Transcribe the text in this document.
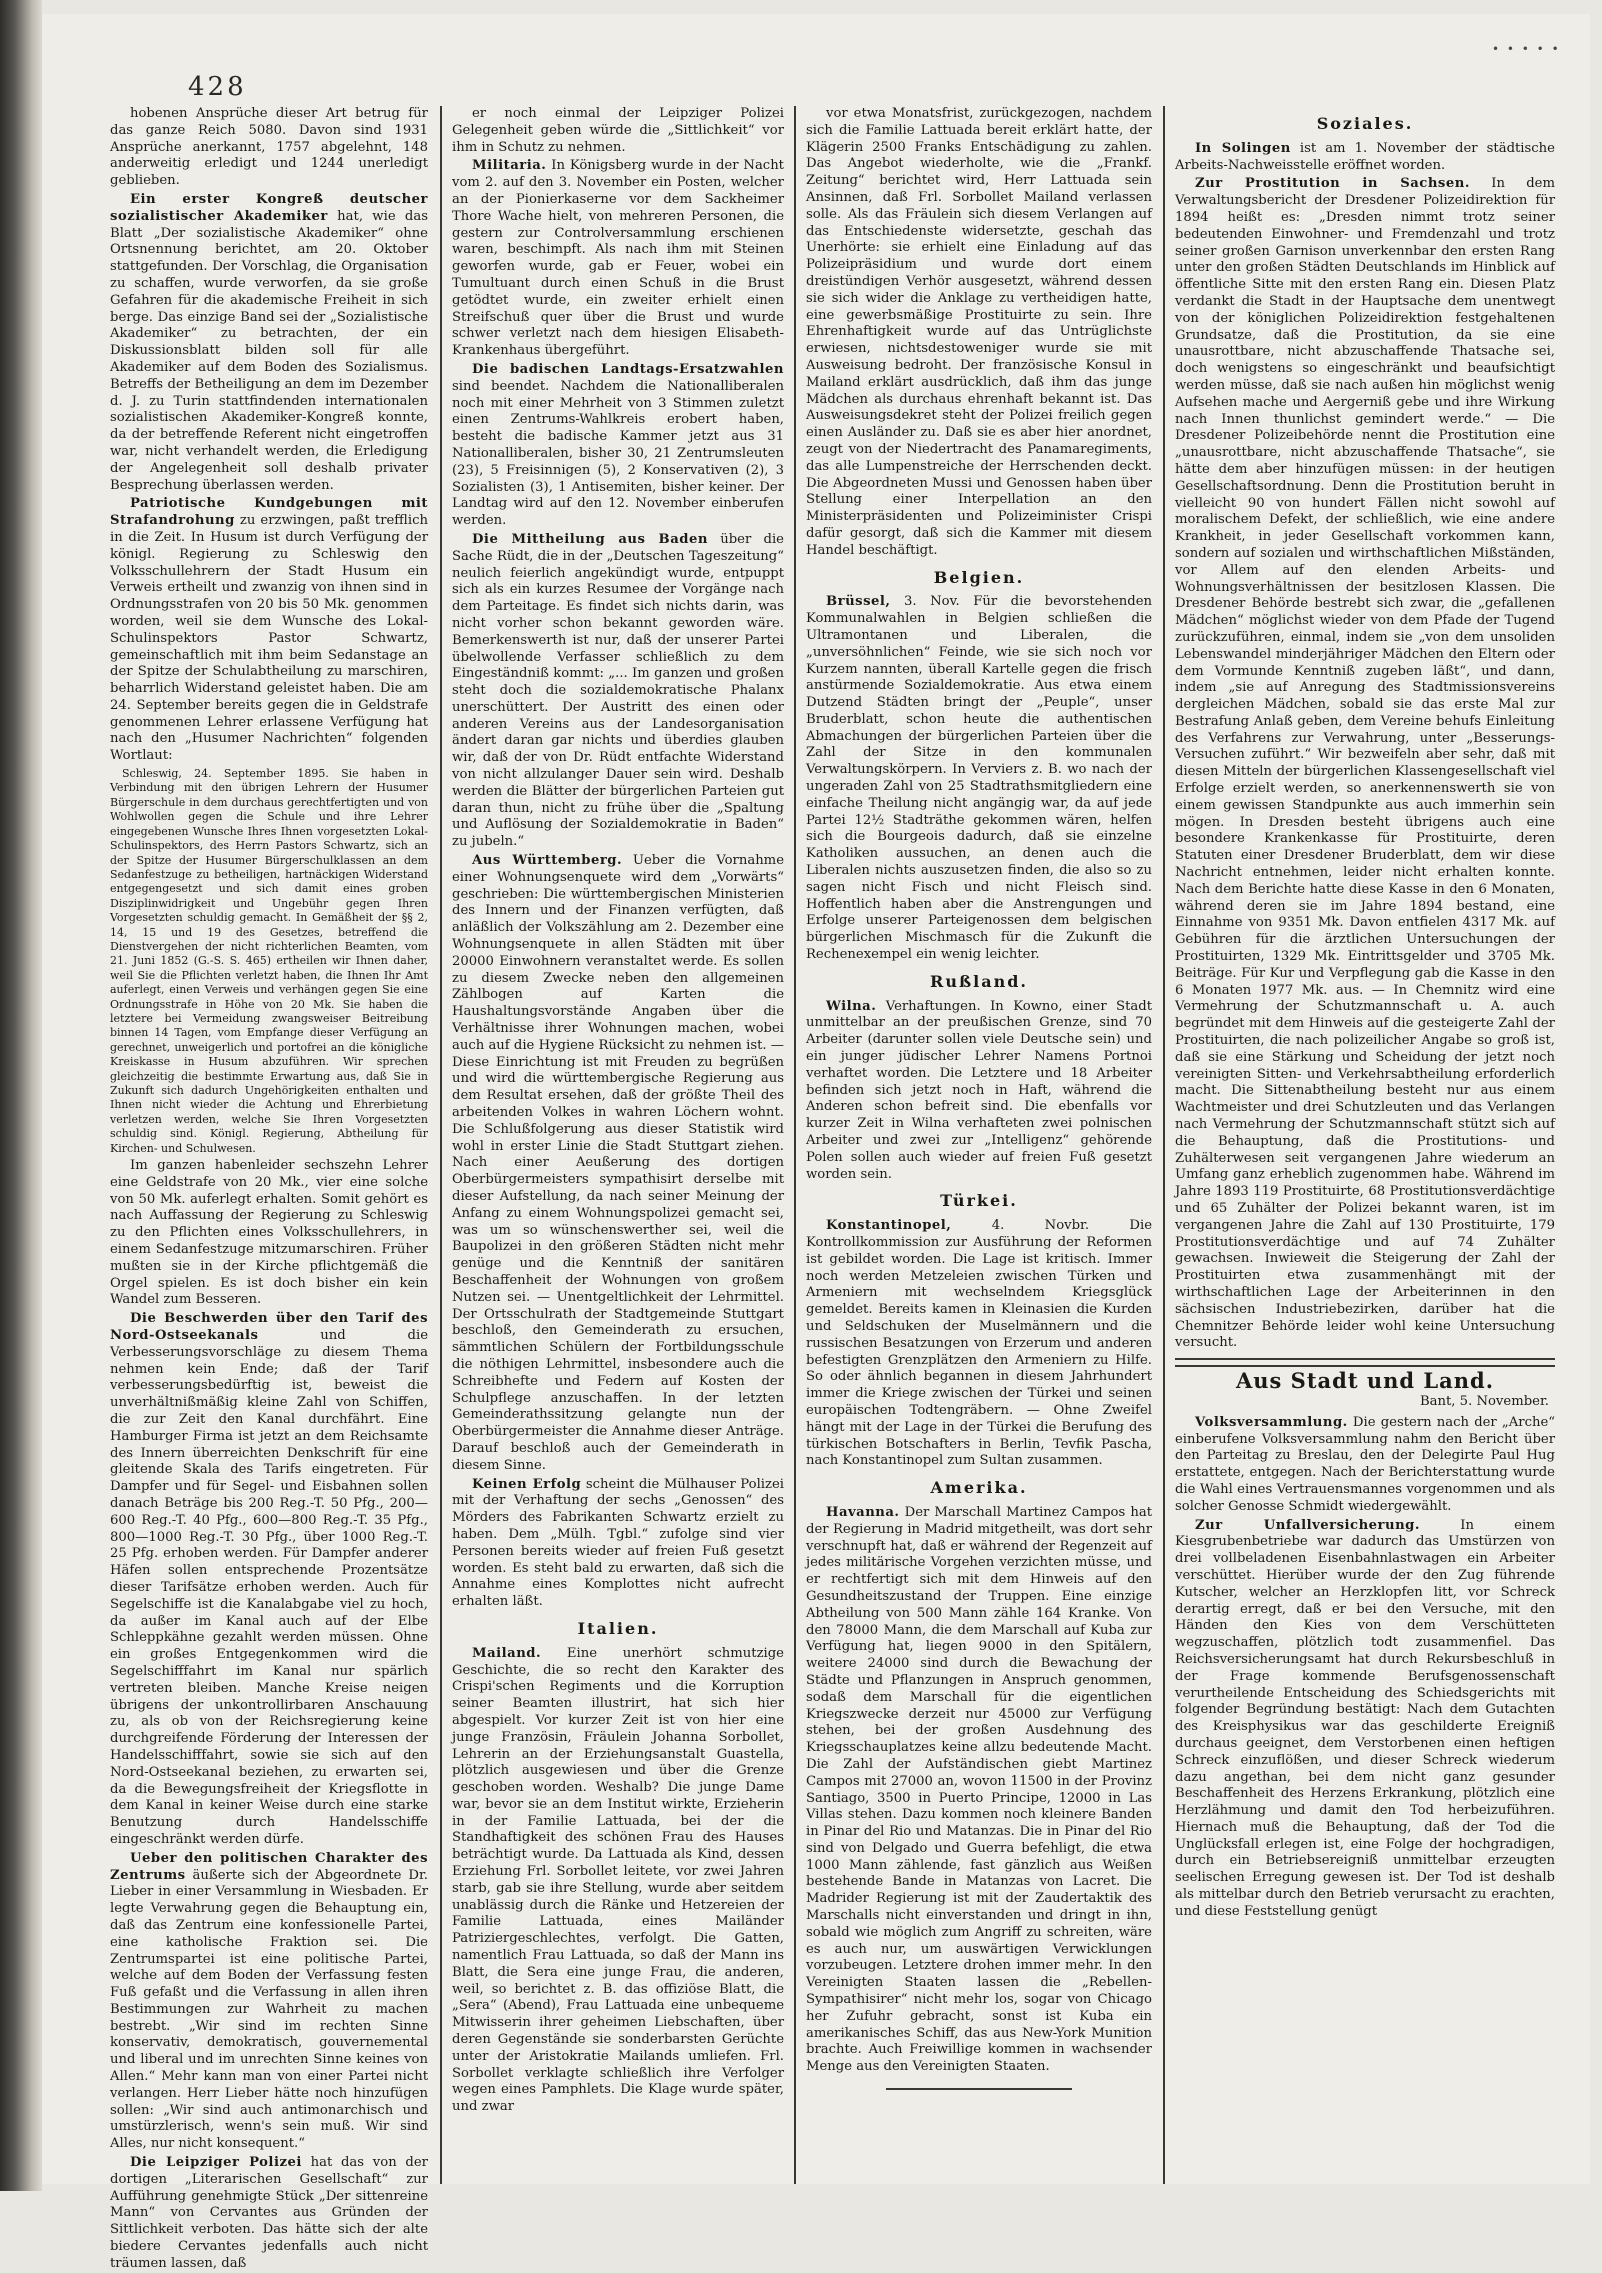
428
• • • • •

hobenen Ansprüche dieser Art betrug für das ganze Reich 5080. Davon sind 1931 Ansprüche anerkannt, 1757 abgelehnt, 148 anderweitig erledigt und 1244 unerledigt geblieben.

Ein erster Kongreß deutscher sozialistischer Akademiker hat, wie das Blatt „Der sozialistische Akademiker“ ohne Ortsnennung berichtet, am 20. Oktober stattgefunden. Der Vorschlag, die Organisation zu schaffen, wurde verworfen, da sie große Gefahren für die akademische Freiheit in sich berge. Das einzige Band sei der „Sozialistische Akademiker“ zu betrachten, der ein Diskussionsblatt bilden soll für alle Akademiker auf dem Boden des Sozialismus. Betreffs der Betheiligung an dem im Dezember d. J. zu Turin stattfindenden internationalen sozialistischen Akademiker-Kongreß konnte, da der betreffende Referent nicht eingetroffen war, nicht verhandelt werden, die Erledigung der Angelegenheit soll deshalb privater Besprechung überlassen werden.

Patriotische Kundgebungen mit Strafandrohung zu erzwingen, paßt trefflich in die Zeit. In Husum ist durch Verfügung der königl. Regierung zu Schleswig den Volksschullehrern der Stadt Husum ein Verweis ertheilt und zwanzig von ihnen sind in Ordnungsstrafen von 20 bis 50 Mk. genommen worden, weil sie dem Wunsche des Lokal-Schulinspektors Pastor Schwartz, gemeinschaftlich mit ihm beim Sedanstage an der Spitze der Schulabtheilung zu marschiren, beharrlich Widerstand geleistet haben. Die am 24. September bereits gegen die in Geldstrafe genommenen Lehrer erlassene Verfügung hat nach den „Husumer Nachrichten“ folgenden Wortlaut:

Schleswig, 24. September 1895. Sie haben in Verbindung mit den übrigen Lehrern der Husumer Bürgerschule in dem durchaus gerechtfertigten und von Wohlwollen gegen die Schule und ihre Lehrer eingegebenen Wunsche Ihres Ihnen vorgesetzten Lokal-Schulinspektors, des Herrn Pastors Schwartz, sich an der Spitze der Husumer Bürgerschulklassen an dem Sedanfestzuge zu betheiligen, hartnäckigen Widerstand entgegengesetzt und sich damit eines groben Disziplinwidrigkeit und Ungebühr gegen Ihren Vorgesetzten schuldig gemacht. In Gemäßheit der §§ 2, 14, 15 und 19 des Gesetzes, betreffend die Dienstvergehen der nicht richterlichen Beamten, vom 21. Juni 1852 (G.-S. S. 465) ertheilen wir Ihnen daher, weil Sie die Pflichten verletzt haben, die Ihnen Ihr Amt auferlegt, einen Verweis und verhängen gegen Sie eine Ordnungsstrafe in Höhe von 20 Mk. Sie haben die letztere bei Vermeidung zwangsweiser Beitreibung binnen 14 Tagen, vom Empfange dieser Verfügung an gerechnet, unweigerlich und portofrei an die königliche Kreiskasse in Husum abzuführen. Wir sprechen gleichzeitig die bestimmte Erwartung aus, daß Sie in Zukunft sich dadurch Ungehörigkeiten enthalten und Ihnen nicht wieder die Achtung und Ehrerbietung verletzen werden, welche Sie Ihren Vorgesetzten schuldig sind. Königl. Regierung, Abtheilung für Kirchen- und Schulwesen.

Im ganzen habenleider sechszehn Lehrer eine Geldstrafe von 20 Mk., vier eine solche von 50 Mk. auferlegt erhalten. Somit gehört es nach Auffassung der Regierung zu Schleswig zu den Pflichten eines Volksschullehrers, in einem Sedanfestzuge mitzumarschiren. Früher mußten sie in der Kirche pflichtgemäß die Orgel spielen. Es ist doch bisher ein kein Wandel zum Besseren.

Die Beschwerden über den Tarif des Nord-Ostseekanals und die Verbesserungsvorschläge zu diesem Thema nehmen kein Ende; daß der Tarif verbesserungsbedürftig ist, beweist die unverhältnißmäßig kleine Zahl von Schiffen, die zur Zeit den Kanal durchfährt. Eine Hamburger Firma ist jetzt an dem Reichsamte des Innern überreichten Denkschrift für eine gleitende Skala des Tarifs eingetreten. Für Dampfer und für Segel- und Eisbahnen sollen danach Beträge bis 200 Reg.-T. 50 Pfg., 200—600 Reg.-T. 40 Pfg., 600—800 Reg.-T. 35 Pfg., 800—1000 Reg.-T. 30 Pfg., über 1000 Reg.-T. 25 Pfg. erhoben werden. Für Dampfer anderer Häfen sollen entsprechende Prozentsätze dieser Tarifsätze erhoben werden. Auch für Segelschiffe ist die Kanalabgabe viel zu hoch, da außer im Kanal auch auf der Elbe Schleppkähne gezahlt werden müssen. Ohne ein großes Entgegenkommen wird die Segelschifffahrt im Kanal nur spärlich vertreten bleiben. Manche Kreise neigen übrigens der unkontrollirbaren Anschauung zu, als ob von der Reichsregierung keine durchgreifende Förderung der Interessen der Handelsschifffahrt, sowie sie sich auf den Nord-Ostseekanal beziehen, zu erwarten sei, da die Bewegungsfreiheit der Kriegsflotte in dem Kanal in keiner Weise durch eine starke Benutzung durch Handelsschiffe eingeschränkt werden dürfe.

Ueber den politischen Charakter des Zentrums äußerte sich der Abgeordnete Dr. Lieber in einer Versammlung in Wiesbaden. Er legte Verwahrung gegen die Behauptung ein, daß das Zentrum eine konfessionelle Partei, eine katholische Fraktion sei. Die Zentrumspartei ist eine politische Partei, welche auf dem Boden der Verfassung festen Fuß gefaßt und die Verfassung in allen ihren Bestimmungen zur Wahrheit zu machen bestrebt. „Wir sind im rechten Sinne konservativ, demokratisch, gouvernemental und liberal und im unrechten Sinne keines von Allen.“ Mehr kann man von einer Partei nicht verlangen. Herr Lieber hätte noch hinzufügen sollen: „Wir sind auch antimonarchisch und umstürzlerisch, wenn's sein muß. Wir sind Alles, nur nicht konsequent.“

Die Leipziger Polizei hat das von der dortigen „Literarischen Gesellschaft“ zur Aufführung genehmigte Stück „Der sittenreine Mann“ von Cervantes aus Gründen der Sittlichkeit verboten. Das hätte sich der alte biedere Cervantes jedenfalls auch nicht träumen lassen, daß

er noch einmal der Leipziger Polizei Gelegenheit geben würde die „Sittlichkeit“ vor ihm in Schutz zu nehmen.

Militaria. In Königsberg wurde in der Nacht vom 2. auf den 3. November ein Posten, welcher an der Pionierkaserne vor dem Sackheimer Thore Wache hielt, von mehreren Personen, die gestern zur Controlversammlung erschienen waren, beschimpft. Als nach ihm mit Steinen geworfen wurde, gab er Feuer, wobei ein Tumultuant durch einen Schuß in die Brust getödtet wurde, ein zweiter erhielt einen Streifschuß quer über die Brust und wurde schwer verletzt nach dem hiesigen Elisabeth-Krankenhaus übergeführt.

Die badischen Landtags-Ersatzwahlen sind beendet. Nachdem die Nationalliberalen noch mit einer Mehrheit von 3 Stimmen zuletzt einen Zentrums-Wahlkreis erobert haben, besteht die badische Kammer jetzt aus 31 Nationalliberalen, bisher 30, 21 Zentrumsleuten (23), 5 Freisinnigen (5), 2 Konservativen (2), 3 Sozialisten (3), 1 Antisemiten, bisher keiner. Der Landtag wird auf den 12. November einberufen werden.

Die Mittheilung aus Baden über die Sache Rüdt, die in der „Deutschen Tageszeitung“ neulich feierlich angekündigt wurde, entpuppt sich als ein kurzes Resumee der Vorgänge nach dem Parteitage. Es findet sich nichts darin, was nicht vorher schon bekannt geworden wäre. Bemerkenswerth ist nur, daß der unserer Partei übelwollende Verfasser schließlich zu dem Eingeständniß kommt: „... Im ganzen und großen steht doch die sozialdemokratische Phalanx unerschüttert. Der Austritt des einen oder anderen Vereins aus der Landesorganisation ändert daran gar nichts und überdies glauben wir, daß der von Dr. Rüdt entfachte Widerstand von nicht allzulanger Dauer sein wird. Deshalb werden die Blätter der bürgerlichen Parteien gut daran thun, nicht zu frühe über die „Spaltung und Auflösung der Sozialdemokratie in Baden“ zu jubeln.“

Aus Württemberg. Ueber die Vornahme einer Wohnungsenquete wird dem „Vorwärts“ geschrieben: Die württembergischen Ministerien des Innern und der Finanzen verfügten, daß anläßlich der Volkszählung am 2. Dezember eine Wohnungsenquete in allen Städten mit über 20000 Einwohnern veranstaltet werde. Es sollen zu diesem Zwecke neben den allgemeinen Zählbogen auf Karten die Haushaltungsvorstände Angaben über die Verhältnisse ihrer Wohnungen machen, wobei auch auf die Hygiene Rücksicht zu nehmen ist. — Diese Einrichtung ist mit Freuden zu begrüßen und wird die württembergische Regierung aus dem Resultat ersehen, daß der größte Theil des arbeitenden Volkes in wahren Löchern wohnt. Die Schlußfolgerung aus dieser Statistik wird wohl in erster Linie die Stadt Stuttgart ziehen. Nach einer Aeußerung des dortigen Oberbürgermeisters sympathisirt derselbe mit dieser Aufstellung, da nach seiner Meinung der Anfang zu einem Wohnungspolizei gemacht sei, was um so wünschenswerther sei, weil die Baupolizei in den größeren Städten nicht mehr genüge und die Kenntniß der sanitären Beschaffenheit der Wohnungen von großem Nutzen sei. — Unentgeltlichkeit der Lehrmittel. Der Ortsschulrath der Stadtgemeinde Stuttgart beschloß, den Gemeinderath zu ersuchen, sämmtlichen Schülern der Fortbildungsschule die nöthigen Lehrmittel, insbesondere auch die Schreibhefte und Federn auf Kosten der Schulpflege anzuschaffen. In der letzten Gemeinderathssitzung gelangte nun der Oberbürgermeister die Annahme dieser Anträge. Darauf beschloß auch der Gemeinderath in diesem Sinne.

Keinen Erfolg scheint die Mülhauser Polizei mit der Verhaftung der sechs „Genossen“ des Mörders des Fabrikanten Schwartz erzielt zu haben. Dem „Mülh. Tgbl.“ zufolge sind vier Personen bereits wieder auf freien Fuß gesetzt worden. Es steht bald zu erwarten, daß sich die Annahme eines Komplottes nicht aufrecht erhalten läßt.

Italien.

Mailand. Eine unerhört schmutzige Geschichte, die so recht den Karakter des Crispi'schen Regiments und die Korruption seiner Beamten illustrirt, hat sich hier abgespielt. Vor kurzer Zeit ist von hier eine junge Französin, Fräulein Johanna Sorbollet, Lehrerin an der Erziehungsanstalt Guastella, plötzlich ausgewiesen und über die Grenze geschoben worden. Weshalb? Die junge Dame war, bevor sie an dem Institut wirkte, Erzieherin in der Familie Lattuada, bei der die Standhaftigkeit des schönen Frau des Hauses beträchtigt wurde. Da Lattuada als Kind, dessen Erziehung Frl. Sorbollet leitete, vor zwei Jahren starb, gab sie ihre Stellung, wurde aber seitdem unablässig durch die Ränke und Hetzereien der Familie Lattuada, eines Mailänder Patriziergeschlechtes, verfolgt. Die Gatten, namentlich Frau Lattuada, so daß der Mann ins Blatt, die Sera eine junge Frau, die anderen, weil, so berichtet z. B. das offiziöse Blatt, die „Sera“ (Abend), Frau Lattuada eine unbequeme Mitwisserin ihrer geheimen Liebschaften, über deren Gegenstände sie sonderbarsten Gerüchte unter der Aristokratie Mailands umliefen. Frl. Sorbollet verklagte schließlich ihre Verfolger wegen eines Pamphlets. Die Klage wurde später, und zwar

vor etwa Monatsfrist, zurückgezogen, nachdem sich die Familie Lattuada bereit erklärt hatte, der Klägerin 2500 Franks Entschädigung zu zahlen. Das Angebot wiederholte, wie die „Frankf. Zeitung“ berichtet wird, Herr Lattuada sein Ansinnen, daß Frl. Sorbollet Mailand verlassen solle. Als das Fräulein sich diesem Verlangen auf das Entschiedenste widersetzte, geschah das Unerhörte: sie erhielt eine Einladung auf das Polizeipräsidium und wurde dort einem dreistündigen Verhör ausgesetzt, während dessen sie sich wider die Anklage zu vertheidigen hatte, eine gewerbsmäßige Prostituirte zu sein. Ihre Ehrenhaftigkeit wurde auf das Untrüglichste erwiesen, nichtsdestoweniger wurde sie mit Ausweisung bedroht. Der französische Konsul in Mailand erklärt ausdrücklich, daß ihm das junge Mädchen als durchaus ehrenhaft bekannt ist. Das Ausweisungsdekret steht der Polizei freilich gegen einen Ausländer zu. Daß sie es aber hier anordnet, zeugt von der Niedertracht des Panamaregiments, das alle Lumpenstreiche der Herrschenden deckt. Die Abgeordneten Mussi und Genossen haben über Stellung einer Interpellation an den Ministerpräsidenten und Polizeiminister Crispi dafür gesorgt, daß sich die Kammer mit diesem Handel beschäftigt.

Belgien.

Brüssel, 3. Nov. Für die bevorstehenden Kommunalwahlen in Belgien schließen die Ultramontanen und Liberalen, die „unversöhnlichen“ Feinde, wie sie sich noch vor Kurzem nannten, überall Kartelle gegen die frisch anstürmende Sozialdemokratie. Aus etwa einem Dutzend Städten bringt der „Peuple“, unser Bruderblatt, schon heute die authentischen Abmachungen der bürgerlichen Parteien über die Zahl der Sitze in den kommunalen Verwaltungskörpern. In Verviers z. B. wo nach der ungeraden Zahl von 25 Stadtrathsmitgliedern eine einfache Theilung nicht angängig war, da auf jede Partei 12½ Stadträthe gekommen wären, helfen sich die Bourgeois dadurch, daß sie einzelne Katholiken aussuchen, an denen auch die Liberalen nichts auszusetzen finden, die also so zu sagen nicht Fisch und nicht Fleisch sind. Hoffentlich haben aber die Anstrengungen und Erfolge unserer Parteigenossen dem belgischen bürgerlichen Mischmasch für die Zukunft die Rechenexempel ein wenig leichter.

Rußland.

Wilna. Verhaftungen. In Kowno, einer Stadt unmittelbar an der preußischen Grenze, sind 70 Arbeiter (darunter sollen viele Deutsche sein) und ein junger jüdischer Lehrer Namens Portnoi verhaftet worden. Die Letztere und 18 Arbeiter befinden sich jetzt noch in Haft, während die Anderen schon befreit sind. Die ebenfalls vor kurzer Zeit in Wilna verhafteten zwei polnischen Arbeiter und zwei zur „Intelligenz“ gehörende Polen sollen auch wieder auf freien Fuß gesetzt worden sein.

Türkei.

Konstantinopel, 4. Novbr. Die Kontrollkommission zur Ausführung der Reformen ist gebildet worden. Die Lage ist kritisch. Immer noch werden Metzeleien zwischen Türken und Armeniern mit wechselndem Kriegsglück gemeldet. Bereits kamen in Kleinasien die Kurden und Seldschuken der Muselmännern und die russischen Besatzungen von Erzerum und anderen befestigten Grenzplätzen den Armeniern zu Hilfe. So oder ähnlich begannen in diesem Jahrhundert immer die Kriege zwischen der Türkei und seinen europäischen Todtengräbern. — Ohne Zweifel hängt mit der Lage in der Türkei die Berufung des türkischen Botschafters in Berlin, Tevfik Pascha, nach Konstantinopel zum Sultan zusammen.

Amerika.

Havanna. Der Marschall Martinez Campos hat der Regierung in Madrid mitgetheilt, was dort sehr verschnupft hat, daß er während der Regenzeit auf jedes militärische Vorgehen verzichten müsse, und er rechtfertigt sich mit dem Hinweis auf den Gesundheitszustand der Truppen. Eine einzige Abtheilung von 500 Mann zähle 164 Kranke. Von den 78000 Mann, die dem Marschall auf Kuba zur Verfügung hat, liegen 9000 in den Spitälern, weitere 24000 sind durch die Bewachung der Städte und Pflanzungen in Anspruch genommen, sodaß dem Marschall für die eigentlichen Kriegszwecke derzeit nur 45000 zur Verfügung stehen, bei der großen Ausdehnung des Kriegsschauplatzes keine allzu bedeutende Macht. Die Zahl der Aufständischen giebt Martinez Campos mit 27000 an, wovon 11500 in der Provinz Santiago, 3500 in Puerto Principe, 12000 in Las Villas stehen. Dazu kommen noch kleinere Banden in Pinar del Rio und Matanzas. Die in Pinar del Rio sind von Delgado und Guerra befehligt, die etwa 1000 Mann zählende, fast gänzlich aus Weißen bestehende Bande in Matanzas von Lacret. Die Madrider Regierung ist mit der Zaudertaktik des Marschalls nicht einverstanden und dringt in ihn, sobald wie möglich zum Angriff zu schreiten, wäre es auch nur, um auswärtigen Verwicklungen vorzubeugen. Letztere drohen immer mehr. In den Vereinigten Staaten lassen die „Rebellen-Sympathisirer“ nicht mehr los, sogar von Chicago her Zufuhr gebracht, sonst ist Kuba ein amerikanisches Schiff, das aus New-York Munition brachte. Auch Freiwillige kommen in wachsender Menge aus den Vereinigten Staaten.

Soziales.

In Solingen ist am 1. November der städtische Arbeits-Nachweisstelle eröffnet worden.

Zur Prostitution in Sachsen. In dem Verwaltungsbericht der Dresdener Polizeidirektion für 1894 heißt es: „Dresden nimmt trotz seiner bedeutenden Einwohner- und Fremdenzahl und trotz seiner großen Garnison unverkennbar den ersten Rang unter den großen Städten Deutschlands im Hinblick auf öffentliche Sitte mit den ersten Rang ein. Diesen Platz verdankt die Stadt in der Hauptsache dem unentwegt von der königlichen Polizeidirektion festgehaltenen Grundsatze, daß die Prostitution, da sie eine unausrottbare, nicht abzuschaffende Thatsache sei, doch wenigstens so eingeschränkt und beaufsichtigt werden müsse, daß sie nach außen hin möglichst wenig Aufsehen mache und Aergerniß gebe und ihre Wirkung nach Innen thunlichst gemindert werde.“ — Die Dresdener Polizeibehörde nennt die Prostitution eine „unausrottbare, nicht abzuschaffende Thatsache“, sie hätte dem aber hinzufügen müssen: in der heutigen Gesellschaftsordnung. Denn die Prostitution beruht in vielleicht 90 von hundert Fällen nicht sowohl auf moralischem Defekt, der schließlich, wie eine andere Krankheit, in jeder Gesellschaft vorkommen kann, sondern auf sozialen und wirthschaftlichen Mißständen, vor Allem auf den elenden Arbeits- und Wohnungsverhältnissen der besitzlosen Klassen. Die Dresdener Behörde bestrebt sich zwar, die „gefallenen Mädchen“ möglichst wieder von dem Pfade der Tugend zurückzuführen, einmal, indem sie „von dem unsoliden Lebenswandel minderjähriger Mädchen den Eltern oder dem Vormunde Kenntniß zugeben läßt“, und dann, indem „sie auf Anregung des Stadtmissionsvereins dergleichen Mädchen, sobald sie das erste Mal zur Bestrafung Anlaß geben, dem Vereine behufs Einleitung des Verfahrens zur Verwahrung, unter „Besserungs-Versuchen zuführt.“ Wir bezweifeln aber sehr, daß mit diesen Mitteln der bürgerlichen Klassengesellschaft viel Erfolge erzielt werden, so anerkennenswerth sie von einem gewissen Standpunkte aus auch immerhin sein mögen. In Dresden besteht übrigens auch eine besondere Krankenkasse für Prostituirte, deren Statuten einer Dresdener Bruderblatt, dem wir diese Nachricht entnehmen, leider nicht erhalten konnte. Nach dem Berichte hatte diese Kasse in den 6 Monaten, während deren sie im Jahre 1894 bestand, eine Einnahme von 9351 Mk. Davon entfielen 4317 Mk. auf Gebühren für die ärztlichen Untersuchungen der Prostituirten, 1329 Mk. Eintrittsgelder und 3705 Mk. Beiträge. Für Kur und Verpflegung gab die Kasse in den 6 Monaten 1977 Mk. aus. — In Chemnitz wird eine Vermehrung der Schutzmannschaft u. A. auch begründet mit dem Hinweis auf die gesteigerte Zahl der Prostituirten, die nach polizeilicher Angabe so groß ist, daß sie eine Stärkung und Scheidung der jetzt noch vereinigten Sitten- und Verkehrsabtheilung erforderlich macht. Die Sittenabtheilung besteht nur aus einem Wachtmeister und drei Schutzleuten und das Verlangen nach Vermehrung der Schutzmannschaft stützt sich auf die Behauptung, daß die Prostitutions- und Zuhälterwesen seit vergangenen Jahre wiederum an Umfang ganz erheblich zugenommen habe. Während im Jahre 1893 119 Prostituirte, 68 Prostitutionsverdächtige und 65 Zuhälter der Polizei bekannt waren, ist im vergangenen Jahre die Zahl auf 130 Prostituirte, 179 Prostitutionsverdächtige und auf 74 Zuhälter gewachsen. Inwieweit die Steigerung der Zahl der Prostituirten etwa zusammenhängt mit der wirthschaftlichen Lage der Arbeiterinnen in den sächsischen Industriebezirken, darüber hat die Chemnitzer Behörde leider wohl keine Untersuchung versucht.

Aus Stadt und Land.
Bant, 5. November.

Volksversammlung. Die gestern nach der „Arche“ einberufene Volksversammlung nahm den Bericht über den Parteitag zu Breslau, den der Delegirte Paul Hug erstattete, entgegen. Nach der Berichterstattung wurde die Wahl eines Vertrauensmannes vorgenommen und als solcher Genosse Schmidt wiedergewählt.

Zur Unfallversicherung. In einem Kiesgrubenbetriebe war dadurch das Umstürzen von drei vollbeladenen Eisenbahnlastwagen ein Arbeiter verschüttet. Hierüber wurde der den Zug führende Kutscher, welcher an Herzklopfen litt, vor Schreck derartig erregt, daß er bei den Versuche, mit den Händen den Kies von dem Verschütteten wegzuschaffen, plötzlich todt zusammenfiel. Das Reichsversicherungsamt hat durch Rekursbeschluß in der Frage kommende Berufsgenossenschaft verurtheilende Entscheidung des Schiedsgerichts mit folgender Begründung bestätigt: Nach dem Gutachten des Kreisphysikus war das geschilderte Ereigniß durchaus geeignet, dem Verstorbenen einen heftigen Schreck einzuflößen, und dieser Schreck wiederum dazu angethan, bei dem nicht ganz gesunder Beschaffenheit des Herzens Erkrankung, plötzlich eine Herzlähmung und damit den Tod herbeizuführen. Hiernach muß die Behauptung, daß der Tod die Unglücksfall erlegen ist, eine Folge der hochgradigen, durch ein Betriebsereigniß unmittelbar erzeugten seelischen Erregung gewesen ist. Der Tod ist deshalb als mittelbar durch den Betrieb verursacht zu erachten, und diese Feststellung genügt
